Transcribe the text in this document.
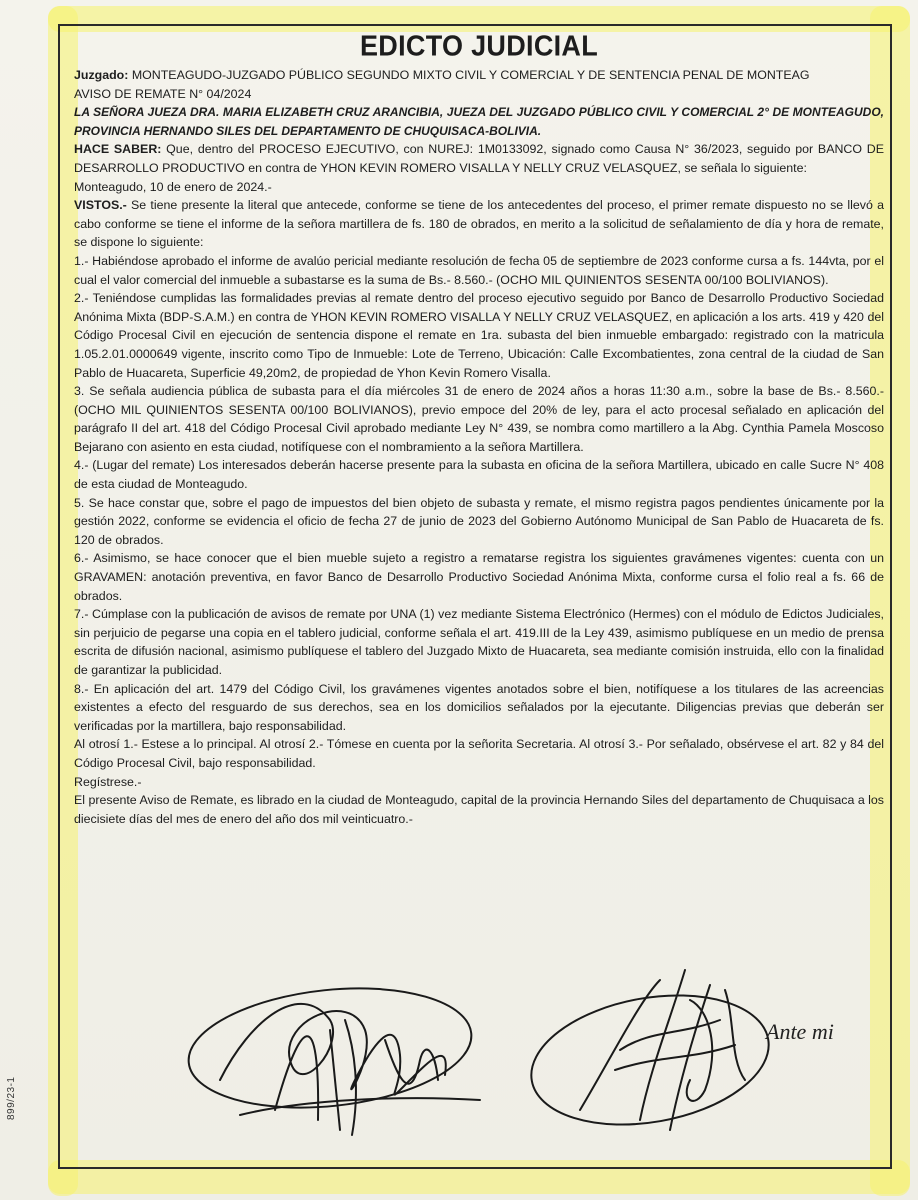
EDICTO JUDICIAL

Juzgado: MONTEAGUDO-JUZGADO PÚBLICO SEGUNDO MIXTO CIVIL Y COMERCIAL Y DE SENTENCIA PENAL DE MONTEAG

AVISO DE REMATE N° 04/2024

LA SEÑORA JUEZA DRA. MARIA ELIZABETH CRUZ ARANCIBIA, JUEZA DEL JUZGADO PÚBLICO CIVIL Y COMERCIAL 2° DE MONTEAGUDO, PROVINCIA HERNANDO SILES DEL DEPARTAMENTO DE CHUQUISACA-BOLIVIA.

HACE SABER: Que, dentro del PROCESO EJECUTIVO, con NUREJ: 1M0133092, signado como Causa N° 36/2023, seguido por BANCO DE DESARROLLO PRODUCTIVO en contra de YHON KEVIN ROMERO VISALLA Y NELLY CRUZ VELASQUEZ, se señala lo siguiente:

Monteagudo, 10 de enero de 2024.-

VISTOS.- Se tiene presente la literal que antecede, conforme se tiene de los antecedentes del proceso, el primer remate dispuesto no se llevó a cabo conforme se tiene el informe de la señora martillera de fs. 180 de obrados, en merito a la solicitud de señalamiento de día y hora de remate, se dispone lo siguiente:

1.- Habiéndose aprobado el informe de avalúo pericial mediante resolución de fecha 05 de septiembre de 2023 conforme cursa a fs. 144vta, por el cual el valor comercial del inmueble a subastarse es la suma de Bs.- 8.560.- (OCHO MIL QUINIENTOS SESENTA 00/100 BOLIVIANOS).

2.- Teniéndose cumplidas las formalidades previas al remate dentro del proceso ejecutivo seguido por Banco de Desarrollo Productivo Sociedad Anónima Mixta (BDP-S.A.M.) en contra de YHON KEVIN ROMERO VISALLA Y NELLY CRUZ VELASQUEZ, en aplicación a los arts. 419 y 420 del Código Procesal Civil en ejecución de sentencia dispone el remate en 1ra. subasta del bien inmueble embargado: registrado con la matricula 1.05.2.01.0000649 vigente, inscrito como Tipo de Inmueble: Lote de Terreno, Ubicación: Calle Excombatientes, zona central de la ciudad de San Pablo de Huacareta, Superficie 49,20m2, de propiedad de Yhon Kevin Romero Visalla.

3. Se señala audiencia pública de subasta para el día miércoles 31 de enero de 2024 años a horas 11:30 a.m., sobre la base de Bs.- 8.560.- (OCHO MIL QUINIENTOS SESENTA 00/100 BOLIVIANOS), previo empoce del 20% de ley, para el acto procesal señalado en aplicación del parágrafo II del art. 418 del Código Procesal Civil aprobado mediante Ley N° 439, se nombra como martillero a la Abg. Cynthia Pamela Moscoso Bejarano con asiento en esta ciudad, notifíquese con el nombramiento a la señora Martillera.

4.- (Lugar del remate) Los interesados deberán hacerse presente para la subasta en oficina de la señora Martillera, ubicado en calle Sucre N° 408 de esta ciudad de Monteagudo.

5. Se hace constar que, sobre el pago de impuestos del bien objeto de subasta y remate, el mismo registra pagos pendientes únicamente por la gestión 2022, conforme se evidencia el oficio de fecha 27 de junio de 2023 del Gobierno Autónomo Municipal de San Pablo de Huacareta de fs. 120 de obrados.

6.- Asimismo, se hace conocer que el bien mueble sujeto a registro a rematarse registra los siguientes gravámenes vigentes: cuenta con un GRAVAMEN: anotación preventiva, en favor Banco de Desarrollo Productivo Sociedad Anónima Mixta, conforme cursa el folio real a fs. 66 de obrados.

7.- Cúmplase con la publicación de avisos de remate por UNA (1) vez mediante Sistema Electrónico (Hermes) con el módulo de Edictos Judiciales, sin perjuicio de pegarse una copia en el tablero judicial, conforme señala el art. 419.III de la Ley 439, asimismo publíquese en un medio de prensa escrita de difusión nacional, asimismo publíquese el tablero del Juzgado Mixto de Huacareta, sea mediante comisión instruida, ello con la finalidad de garantizar la publicidad.

8.- En aplicación del art. 1479 del Código Civil, los gravámenes vigentes anotados sobre el bien, notifíquese a los titulares de las acreencias existentes a efecto del resguardo de sus derechos, sea en los domicilios señalados por la ejecutante. Diligencias previas que deberán ser verificadas por la martillera, bajo responsabilidad.

Al otrosí 1.- Estese a lo principal. Al otrosí 2.- Tómese en cuenta por la señorita Secretaria. Al otrosí 3.- Por señalado, obsérvese el art. 82 y 84 del Código Procesal Civil, bajo responsabilidad.

Regístrese.-

El presente Aviso de Remate, es librado en la ciudad de Monteagudo, capital de la provincia Hernando Siles del departamento de Chuquisaca a los diecisiete días del mes de enero del año dos mil veinticuatro.-

Ante mi
899/23-1
